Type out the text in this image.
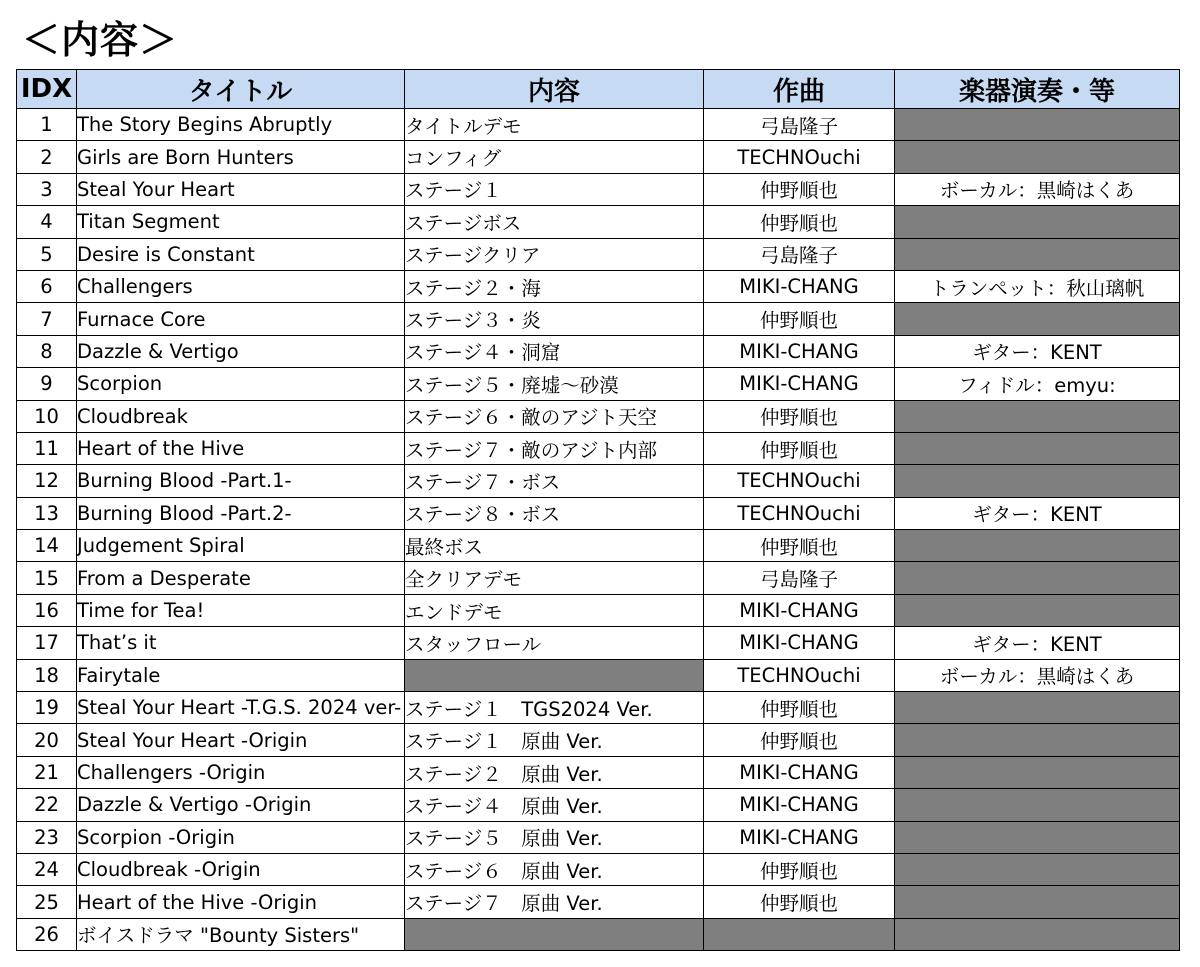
＜内容＞
IDX	タイトル	内容	作曲	楽器演奏・等
1	The Story Begins Abruptly	タイトルデモ	弓島隆子	
2	Girls are Born Hunters	コンフィグ	TECHNOuchi	
3	Steal Your Heart	ステージ１	仲野順也	ボーカル：黒崎はくあ
4	Titan Segment	ステージボス	仲野順也	
5	Desire is Constant	ステージクリア	弓島隆子	
6	Challengers	ステージ２・海	MIKI-CHANG	トランペット：秋山璃帆
7	Furnace Core	ステージ３・炎	仲野順也	
8	Dazzle & Vertigo	ステージ４・洞窟	MIKI-CHANG	ギター：KENT
9	Scorpion	ステージ５・廃墟〜砂漠	MIKI-CHANG	フィドル：emyu:
10	Cloudbreak	ステージ６・敵のアジト天空	仲野順也	
11	Heart of the Hive	ステージ７・敵のアジト内部	仲野順也	
12	Burning Blood -Part.1-	ステージ７・ボス	TECHNOuchi	
13	Burning Blood -Part.2-	ステージ８・ボス	TECHNOuchi	ギター：KENT
14	Judgement Spiral	最終ボス	仲野順也	
15	From a Desperate	全クリアデモ	弓島隆子	
16	Time for Tea!	エンドデモ	MIKI-CHANG	
17	That’s it	スタッフロール	MIKI-CHANG	ギター：KENT
18	Fairytale		TECHNOuchi	ボーカル：黒崎はくあ
19	Steal Your Heart -T.G.S. 2024 ver-	ステージ１　TGS2024 Ver.	仲野順也	
20	Steal Your Heart -Origin	ステージ１　原曲 Ver.	仲野順也	
21	Challengers -Origin	ステージ２　原曲 Ver.	MIKI-CHANG	
22	Dazzle & Vertigo -Origin	ステージ４　原曲 Ver.	MIKI-CHANG	
23	Scorpion -Origin	ステージ５　原曲 Ver.	MIKI-CHANG	
24	Cloudbreak -Origin	ステージ６　原曲 Ver.	仲野順也	
25	Heart of the Hive -Origin	ステージ７　原曲 Ver.	仲野順也	
26	ボイスドラマ "Bounty Sisters"			
